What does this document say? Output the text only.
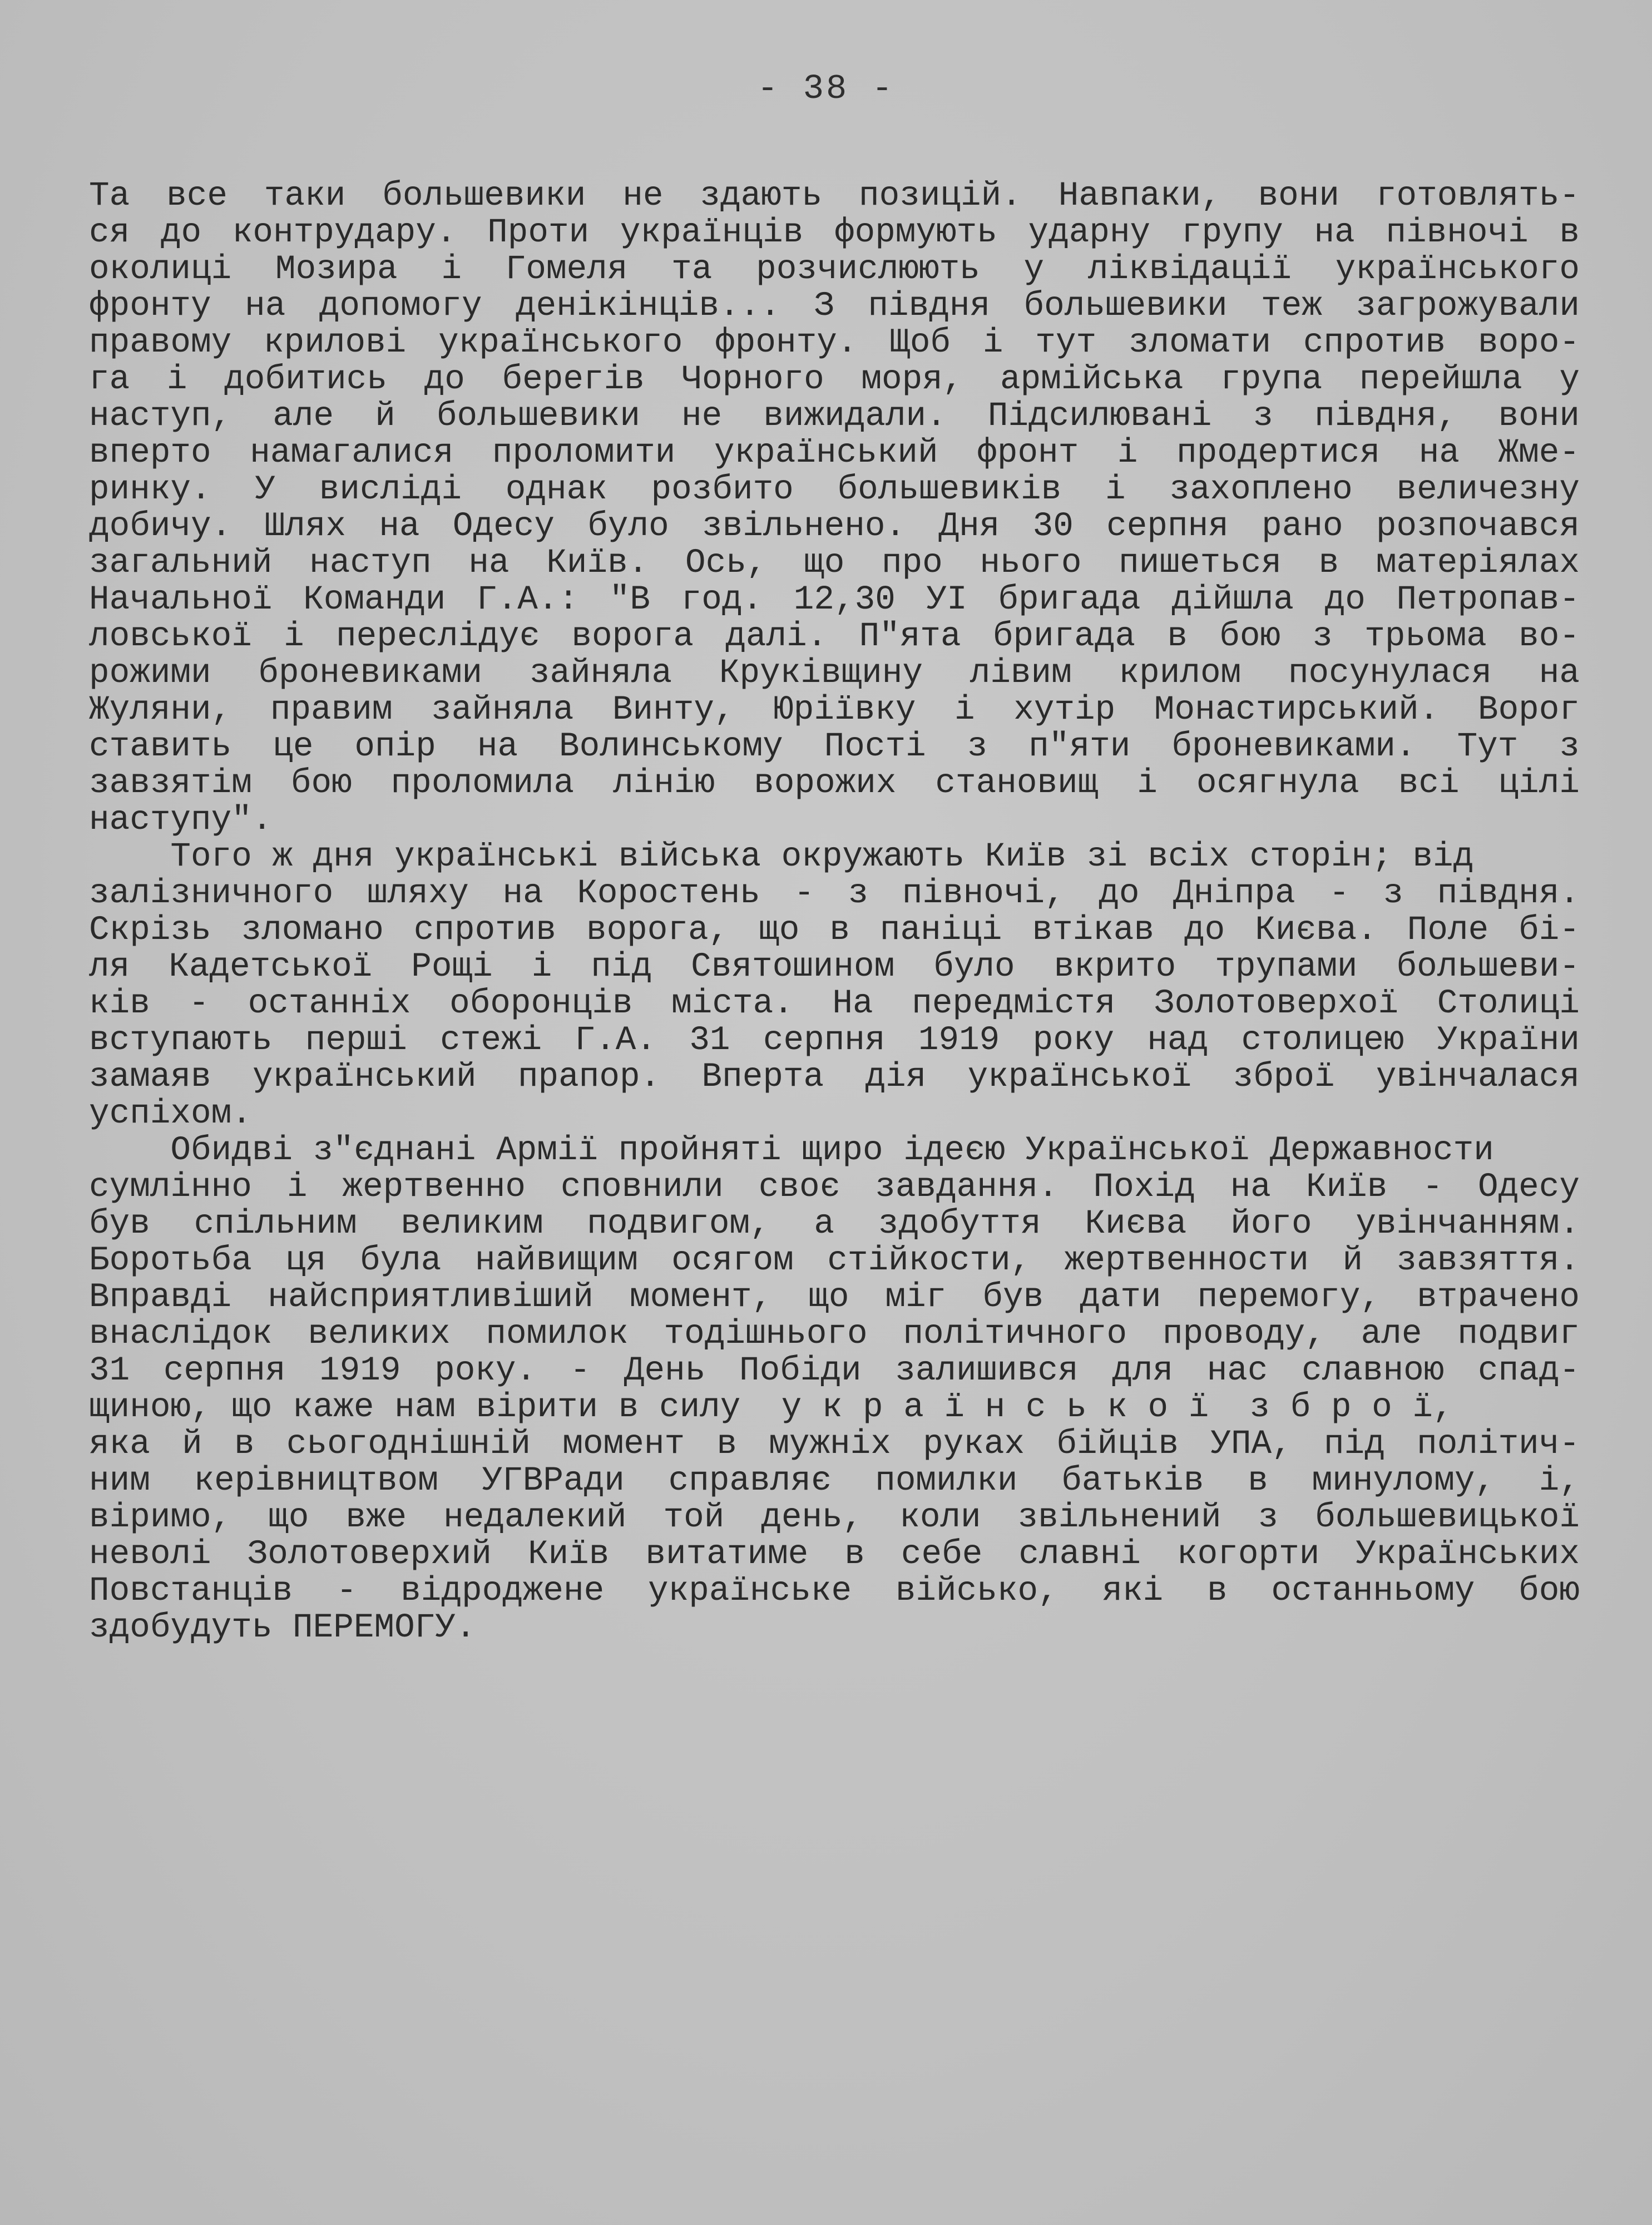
- 38 -
Та все таки большевики не здають позицій. Навпаки, вони готовлять-
ся до контрудару. Проти українців формують ударну групу на півночі в
околиці Мозира і Гомеля та розчислюють у ліквідації українського
фронту на допомогу денікінців... З півдня большевики теж загрожували
правому крилові українського фронту. Щоб і тут зломати спротив воро-
га і добитись до берегів Чорного моря, армійська група перейшла у
наступ, але й большевики не вижидали. Підсилювані з півдня, вони
вперто намагалися проломити український фронт і продертися на Жме-
ринку. У висліді однак розбито большевиків і захоплено величезну
добичу. Шлях на Одесу було звільнено. Дня 30 серпня рано розпочався
загальний наступ на Київ. Ось, що про нього пишеться в матеріялах
Начальної Команди Г.А.: "В год. 12,30 УІ бригада дійшла до Петропав-
ловської і переслідує ворога далі. П"ята бригада в бою з трьома во-
рожими броневиками зайняла Круківщину лівим крилом посунулася на
Жуляни, правим зайняла Винту, Юріївку і хутір Монастирський. Ворог
ставить це опір на Волинському Пості з п"яти броневиками. Тут з
завзятім бою проломила лінію ворожих становищ і осягнула всі цілі
наступу".
Того ж дня українські війська окружають Київ зі всіх сторін; від
залізничного шляху на Коростень - з півночі, до Дніпра - з півдня.
Скрізь зломано спротив ворога, що в паніці втікав до Києва. Поле бі-
ля Кадетської Рощі і під Святошином було вкрито трупами большеви-
ків - останніх оборонців міста. На передмістя Золотоверхої Столиці
вступають перші стежі Г.А. 31 серпня 1919 року над столицею України
замаяв український прапор. Вперта дія української зброї увінчалася
успіхом.
Обидві з"єднані Армії пройняті щиро ідеєю Української Державности
сумлінно і жертвенно сповнили своє завдання. Похід на Київ - Одесу
був спільним великим подвигом, а здобуття Києва його увінчанням.
Боротьба ця була найвищим осягом стійкости, жертвенности й завзяття.
Вправді найсприятливіший момент, що міг був дати перемогу, втрачено
внаслідок великих помилок тодішнього політичного проводу, але подвиг
31 серпня 1919 року. - День Побіди залишився для нас славною спад-
щиною, що каже нам вірити в силу  у к р а ї н с ь к о ї  з б р о ї,
яка й в сьогоднішній момент в мужніх руках бійців УПА, під політич-
ним керівництвом УГВРади справляє помилки батьків в минулому, і,
віримо, що вже недалекий той день, коли звільнений з большевицької
неволі Золотоверхий Київ витатиме в себе славні когорти Українських
Повстанців - відроджене українське військо, які в останньому бою
здобудуть ПЕРЕМОГУ.
